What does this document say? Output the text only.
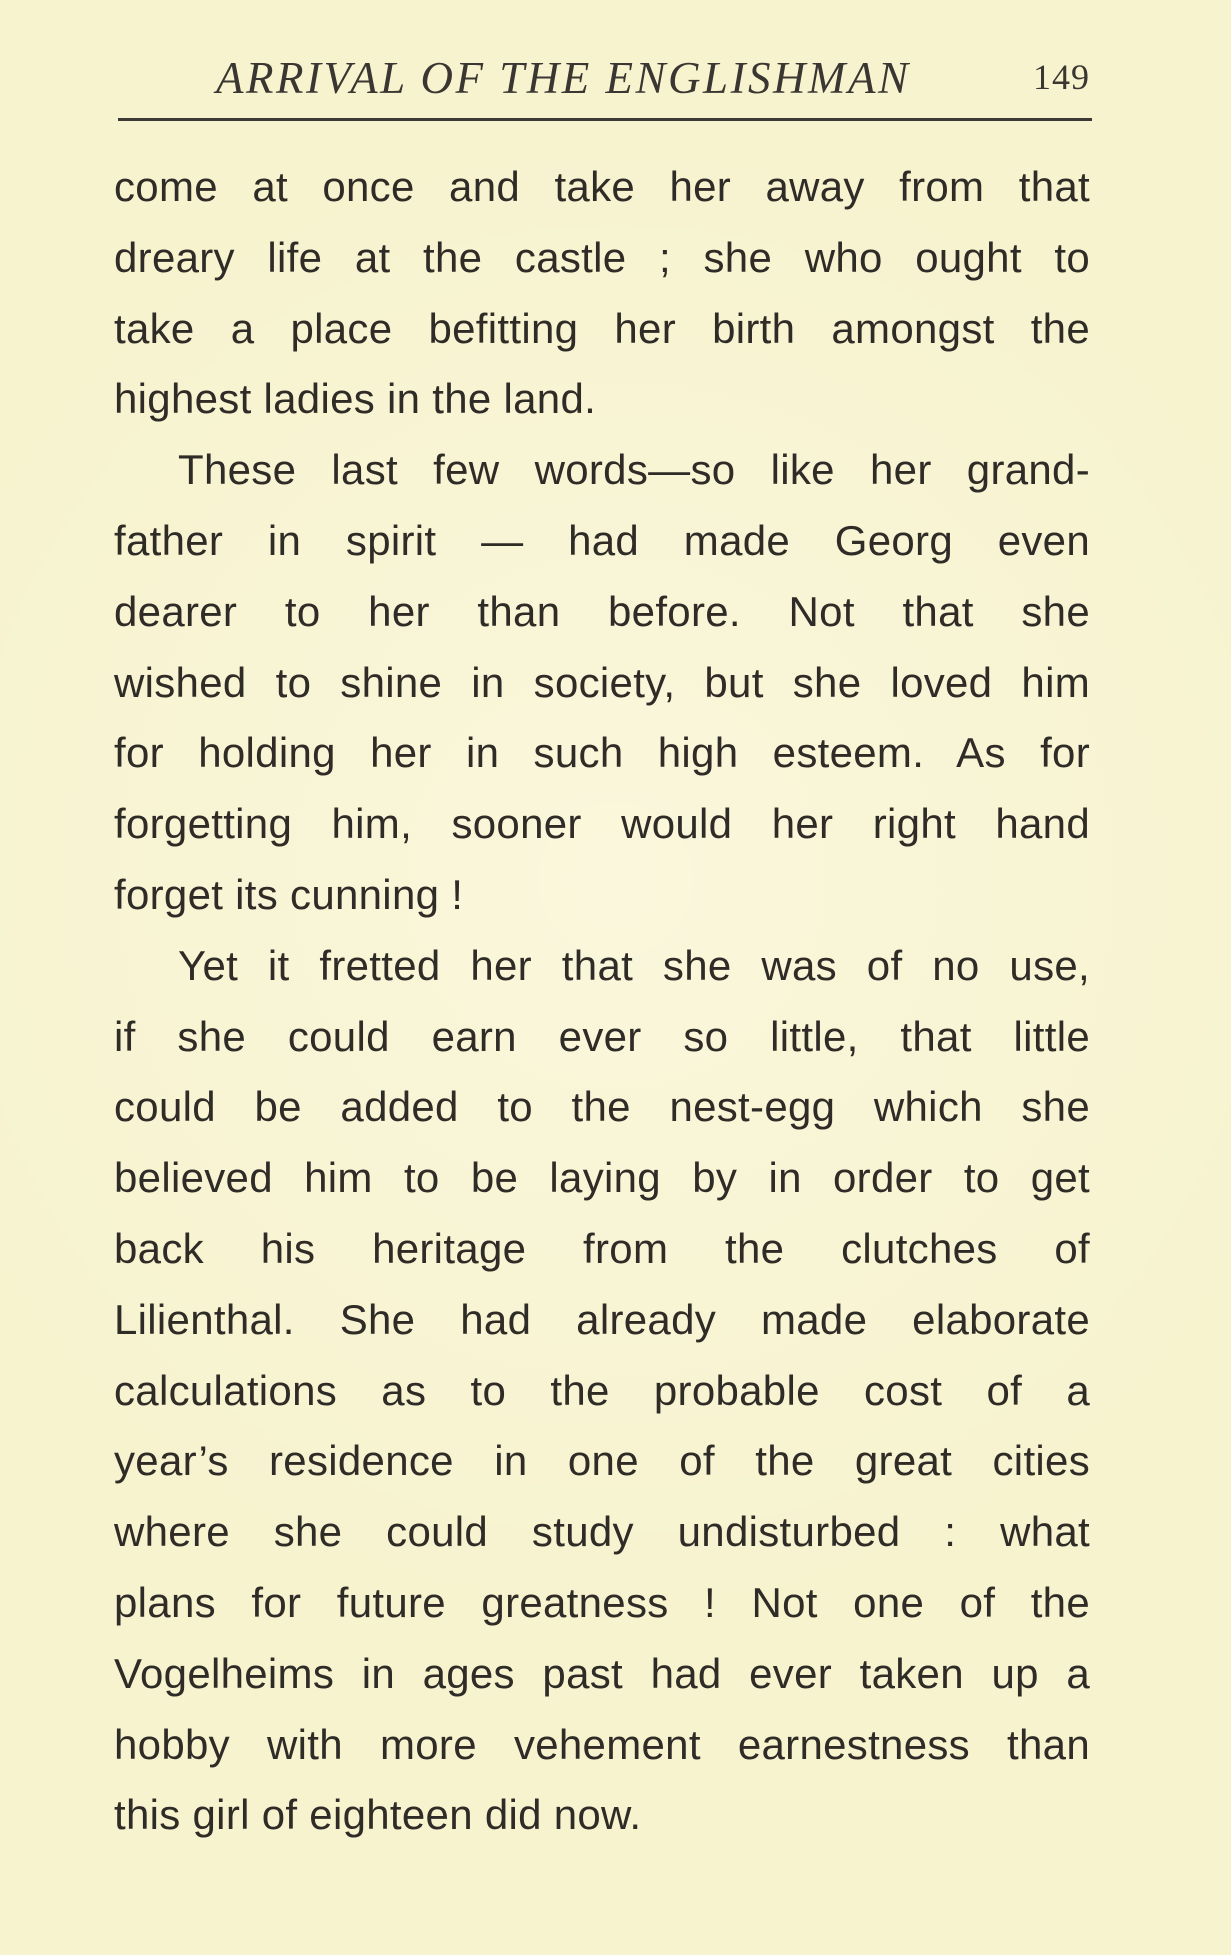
ARRIVAL OF THE ENGLISHMAN	149
come at once and take her away from that
dreary life at the castle ; she who ought to
take a place befitting her birth amongst the
highest ladies in the land.
These last few words—so like her grand-
father in spirit — had made Georg even
dearer to her than before. Not that she
wished to shine in society, but she loved him
for holding her in such high esteem. As for
forgetting him, sooner would her right hand
forget its cunning !
Yet it fretted her that she was of no use,
if she could earn ever so little, that little
could be added to the nest-egg which she
believed him to be laying by in order to get
back his heritage from the clutches of
Lilienthal. She had already made elaborate
calculations as to the probable cost of a
year’s residence in one of the great cities
where she could study undisturbed : what
plans for future greatness ! Not one of the
Vogelheims in ages past had ever taken up a
hobby with more vehement earnestness than
this girl of eighteen did now.
